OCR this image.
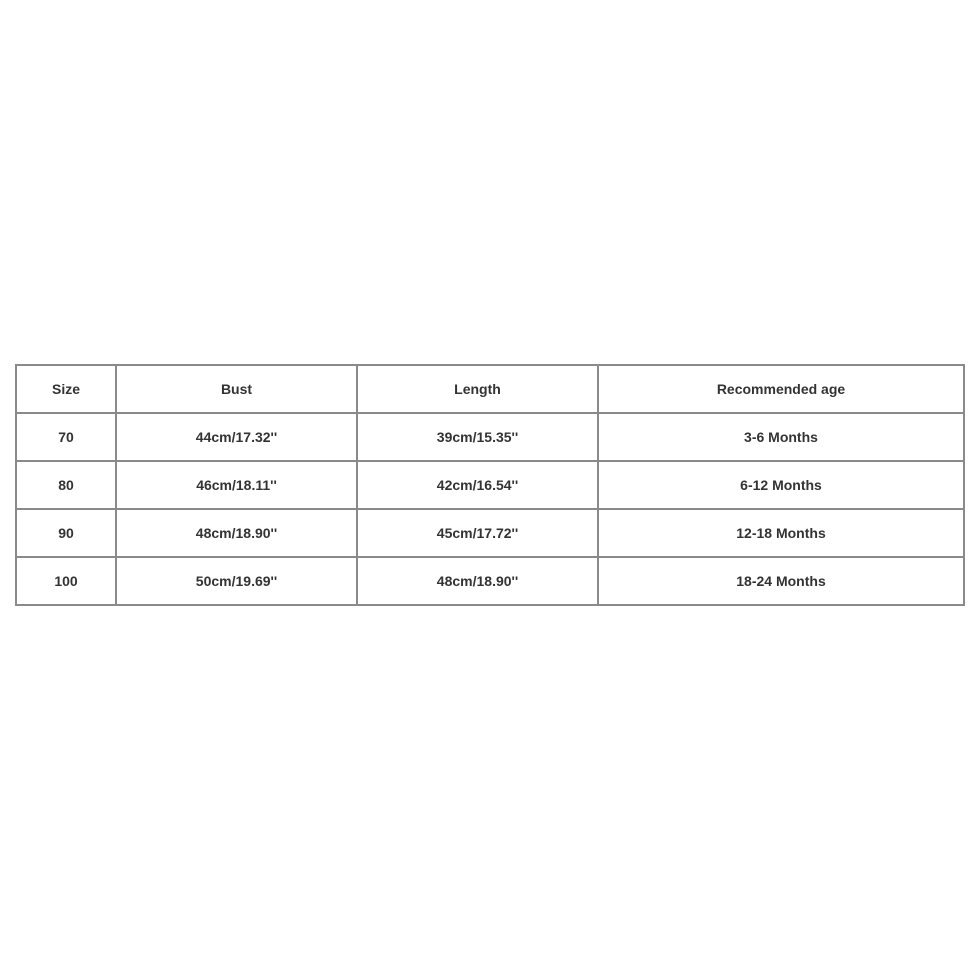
Size	Bust	Length	Recommended age
70	44cm/17.32''	39cm/15.35''	3-6 Months
80	46cm/18.11''	42cm/16.54''	6-12 Months
90	48cm/18.90''	45cm/17.72''	12-18 Months
100	50cm/19.69''	48cm/18.90''	18-24 Months
